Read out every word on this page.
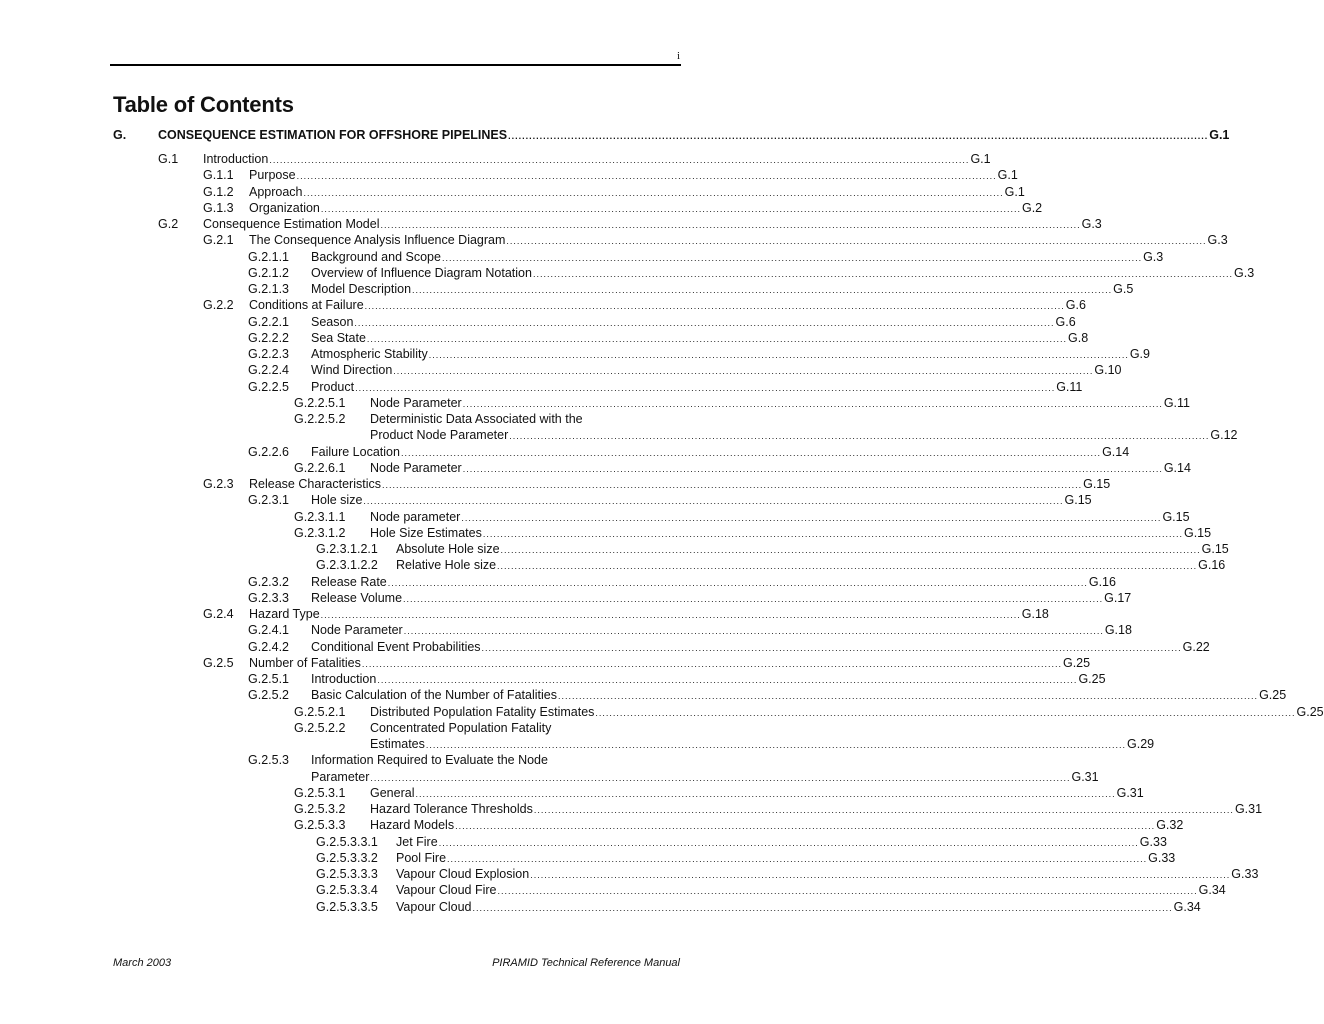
i
Table of Contents
G.	CONSEQUENCE ESTIMATION FOR OFFSHORE PIPELINES ........................................................................................................................................................................................................ G.1
G.1	Introduction ........................................................................................................................................................................................................ G.1
G.1.1	Purpose ........................................................................................................................................................................................................ G.1
G.1.2	Approach ........................................................................................................................................................................................................ G.1
G.1.3	Organization ........................................................................................................................................................................................................ G.2
G.2	Consequence Estimation Model ........................................................................................................................................................................................................ G.3
G.2.1	The Consequence Analysis Influence Diagram ........................................................................................................................................................................................................ G.3
G.2.1.1	Background and Scope ........................................................................................................................................................................................................ G.3
G.2.1.2	Overview of Influence Diagram Notation ........................................................................................................................................................................................................ G.3
G.2.1.3	Model Description ........................................................................................................................................................................................................ G.5
G.2.2	Conditions at Failure ........................................................................................................................................................................................................ G.6
G.2.2.1	Season ........................................................................................................................................................................................................ G.6
G.2.2.2	Sea State ........................................................................................................................................................................................................ G.8
G.2.2.3	Atmospheric Stability ........................................................................................................................................................................................................ G.9
G.2.2.4	Wind Direction ........................................................................................................................................................................................................ G.10
G.2.2.5	Product ........................................................................................................................................................................................................ G.11
G.2.2.5.1	Node Parameter ........................................................................................................................................................................................................ G.11
G.2.2.5.2	Deterministic Data Associated with the
Product Node Parameter ........................................................................................................................................................................................................ G.12
G.2.2.6	Failure Location ........................................................................................................................................................................................................ G.14
G.2.2.6.1	Node Parameter ........................................................................................................................................................................................................ G.14
G.2.3	Release Characteristics ........................................................................................................................................................................................................ G.15
G.2.3.1	Hole size ........................................................................................................................................................................................................ G.15
G.2.3.1.1	Node parameter ........................................................................................................................................................................................................ G.15
G.2.3.1.2	Hole Size Estimates ........................................................................................................................................................................................................ G.15
G.2.3.1.2.1	Absolute Hole size ........................................................................................................................................................................................................ G.15
G.2.3.1.2.2	Relative Hole size ........................................................................................................................................................................................................ G.16
G.2.3.2	Release Rate ........................................................................................................................................................................................................ G.16
G.2.3.3	Release Volume ........................................................................................................................................................................................................ G.17
G.2.4	Hazard Type ........................................................................................................................................................................................................ G.18
G.2.4.1	Node Parameter ........................................................................................................................................................................................................ G.18
G.2.4.2	Conditional Event Probabilities ........................................................................................................................................................................................................ G.22
G.2.5	Number of Fatalities ........................................................................................................................................................................................................ G.25
G.2.5.1	Introduction ........................................................................................................................................................................................................ G.25
G.2.5.2	Basic Calculation of the Number of Fatalities ........................................................................................................................................................................................................ G.25
G.2.5.2.1	Distributed Population Fatality Estimates ........................................................................................................................................................................................................ G.25
G.2.5.2.2	Concentrated Population Fatality
Estimates ........................................................................................................................................................................................................ G.29
G.2.5.3	Information Required to Evaluate the Node
Parameter ........................................................................................................................................................................................................ G.31
G.2.5.3.1	General ........................................................................................................................................................................................................ G.31
G.2.5.3.2	Hazard Tolerance Thresholds ........................................................................................................................................................................................................ G.31
G.2.5.3.3	Hazard Models ........................................................................................................................................................................................................ G.32
G.2.5.3.3.1	Jet Fire ........................................................................................................................................................................................................ G.33
G.2.5.3.3.2	Pool Fire ........................................................................................................................................................................................................ G.33
G.2.5.3.3.3	Vapour Cloud Explosion ........................................................................................................................................................................................................ G.33
G.2.5.3.3.4	Vapour Cloud Fire ........................................................................................................................................................................................................ G.34
G.2.5.3.3.5	Vapour Cloud ........................................................................................................................................................................................................ G.34
March 2003	PIRAMID Technical Reference Manual
